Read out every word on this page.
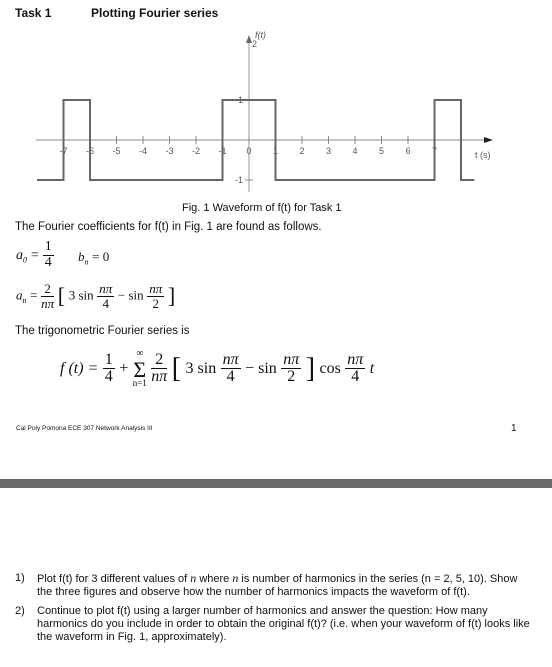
Task 1	Plotting Fourier series
-7 -6 -5 -4 -3 -2 -1 0 1 2 3 4 5 6 7
1
-1
2
f(t)
t (s)
Fig. 1 Waveform of f(t) for Task 1
The Fourier coefficients for f(t) in Fig. 1 are found as follows.
$a_0 = \frac{1}{4} b_n = 0$
$a_n = \frac{2}{n\pi}$ [ 3 $\sin \frac{n\pi}{4} - \sin \frac{n\pi}{2}$ ]
The trigonometric Fourier series is
f $(t) = \frac{1}{4}$ +
∞
Σ
n=1
$\frac{2}{n\pi}$ [ 3 $\sin \frac{n\pi}{4} - \sin \frac{n\pi}{2}$ ] $\cos \frac{n\pi}{4}$ t
Cal Poly Pomona ECE 307 Network Analysis III	1
1) Plot f(t) for 3 different values of n where n is number of harmonics in the series (n = 2, 5, 10). Show the three figures and observe how the number of harmonics impacts the waveform of f(t).
2) Continue to plot f(t) using a larger number of harmonics and answer the question: How many harmonics do you include in order to obtain the original f(t)? (i.e. when your waveform of f(t) looks like the waveform in Fig. 1, approximately).
